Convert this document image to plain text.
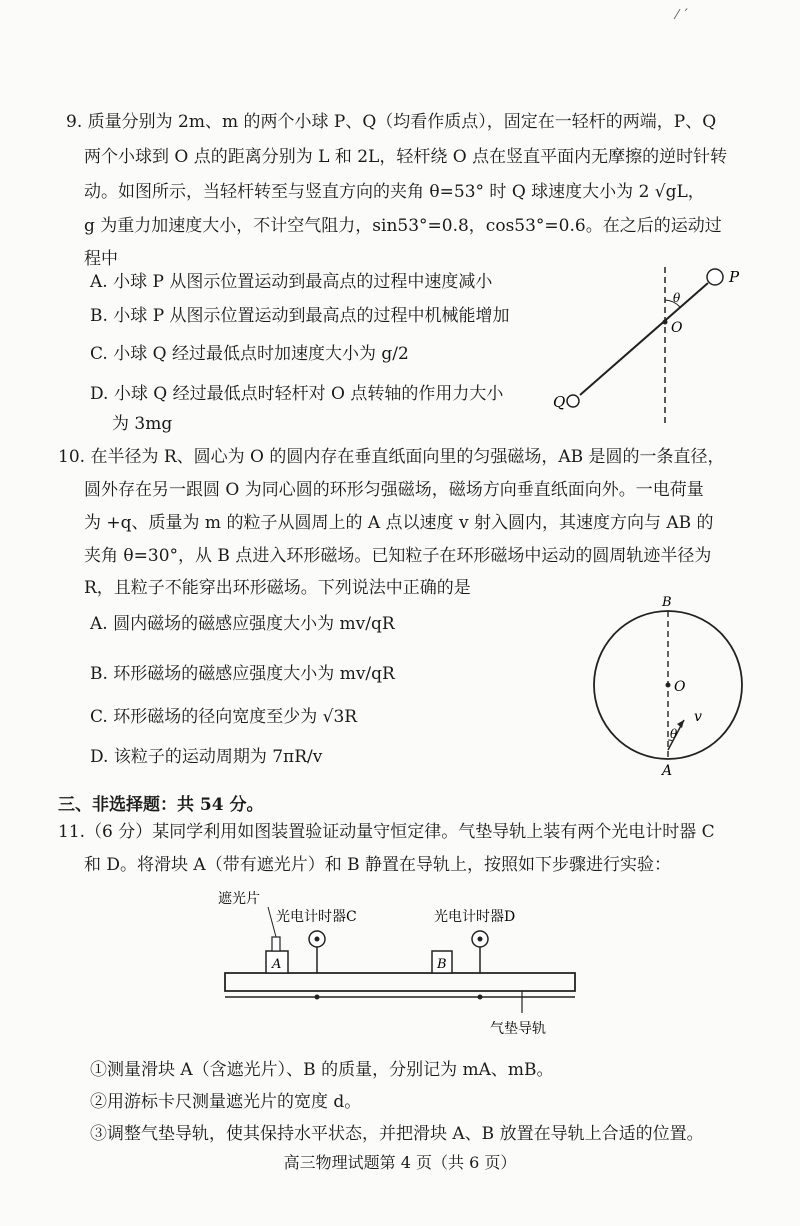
⁄ ˊ
9. 质量分别为 2m、m 的两个小球 P、Q（均看作质点），固定在一轻杆的两端，P、Q
两个小球到 O 点的距离分别为 L 和 2L，轻杆绕 O 点在竖直平面内无摩擦的逆时针转
动。如图所示，当轻杆转至与竖直方向的夹角 θ=53° 时 Q 球速度大小为 2 √gL，
g 为重力加速度大小，不计空气阻力，sin53°=0.8，cos53°=0.6。在之后的运动过
程中
A. 小球 P 从图示位置运动到最高点的过程中速度减小
B. 小球 P 从图示位置运动到最高点的过程中机械能增加
C. 小球 Q 经过最低点时加速度大小为 g/2
D. 小球 Q 经过最低点时轻杆对 O 点转轴的作用力大小
为 3mg
P
Q
O
θ
10. 在半径为 R、圆心为 O 的圆内存在垂直纸面向里的匀强磁场，AB 是圆的一条直径，
圆外存在另一跟圆 O 为同心圆的环形匀强磁场，磁场方向垂直纸面向外。一电荷量
为 +q、质量为 m 的粒子从圆周上的 A 点以速度 v 射入圆内，其速度方向与 AB 的
夹角 θ=30°，从 B 点进入环形磁场。已知粒子在环形磁场中运动的圆周轨迹半径为
R，且粒子不能穿出环形磁场。下列说法中正确的是
A. 圆内磁场的磁感应强度大小为 mv/qR
B. 环形磁场的磁感应强度大小为 mv/qR
C. 环形磁场的径向宽度至少为 √3R
D. 该粒子的运动周期为 7πR/v
B
O
A
v
θ
三、非选择题：共 54 分。
11.（6 分）某同学利用如图装置验证动量守恒定律。气垫导轨上装有两个光电计时器 C
和 D。将滑块 A（带有遮光片）和 B 静置在导轨上，按照如下步骤进行实验：
遮光片
光电计时器C	光电计时器D
气垫导轨
A	B
①测量滑块 A（含遮光片）、B 的质量，分别记为 mA、mB。
②用游标卡尺测量遮光片的宽度 d。
③调整气垫导轨，使其保持水平状态，并把滑块 A、B 放置在导轨上合适的位置。
高三物理试题第 4 页（共 6 页）
